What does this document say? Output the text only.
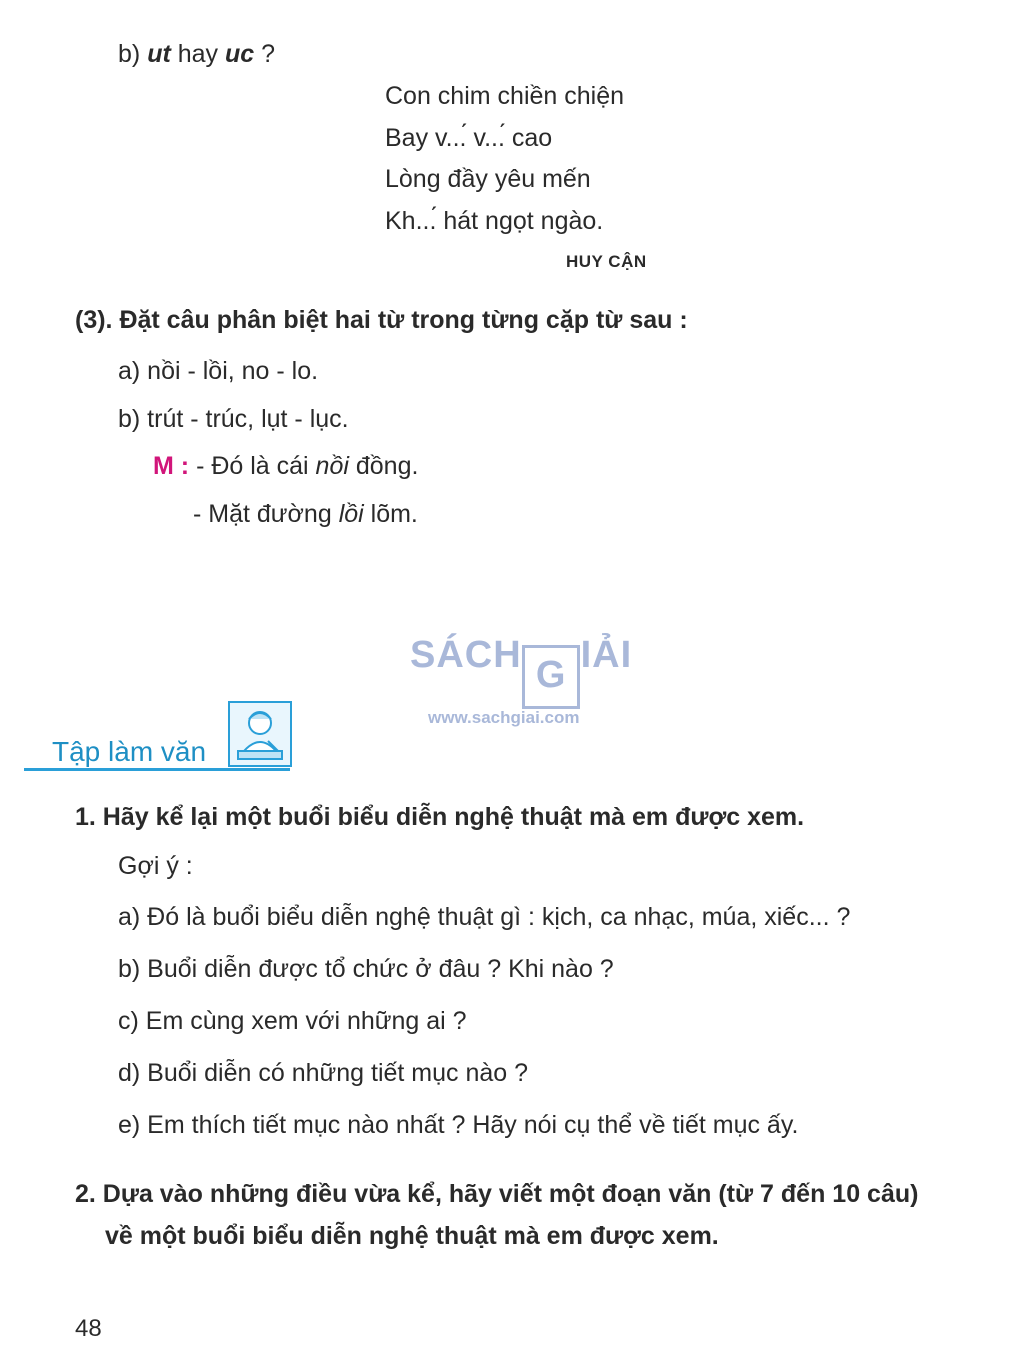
b) ut hay uc ?
Con chim chiền chiện
Bay v...́ v...́ cao
Lòng đầy yêu mến
Kh...́ hát ngọt ngào.
HUY CẬN
(3). Đặt câu phân biệt hai từ trong từng cặp từ sau :
a) nồi - lồi, no - lo.
b) trút - trúc, lụt - lục.
M : - Đó là cái nồi đồng.
- Mặt đường lồi lõm.
SÁCH G IẢI
www.sachgiai.com
Tập làm văn
1. Hãy kể lại một buổi biểu diễn nghệ thuật mà em được xem.
Gợi ý :
a) Đó là buổi biểu diễn nghệ thuật gì : kịch, ca nhạc, múa, xiếc... ?
b) Buổi diễn được tổ chức ở đâu ? Khi nào ?
c) Em cùng xem với những ai ?
d) Buổi diễn có những tiết mục nào ?
e) Em thích tiết mục nào nhất ? Hãy nói cụ thể về tiết mục ấy.
2. Dựa vào những điều vừa kể, hãy viết một đoạn văn (từ 7 đến 10 câu)
về một buổi biểu diễn nghệ thuật mà em được xem.
48
